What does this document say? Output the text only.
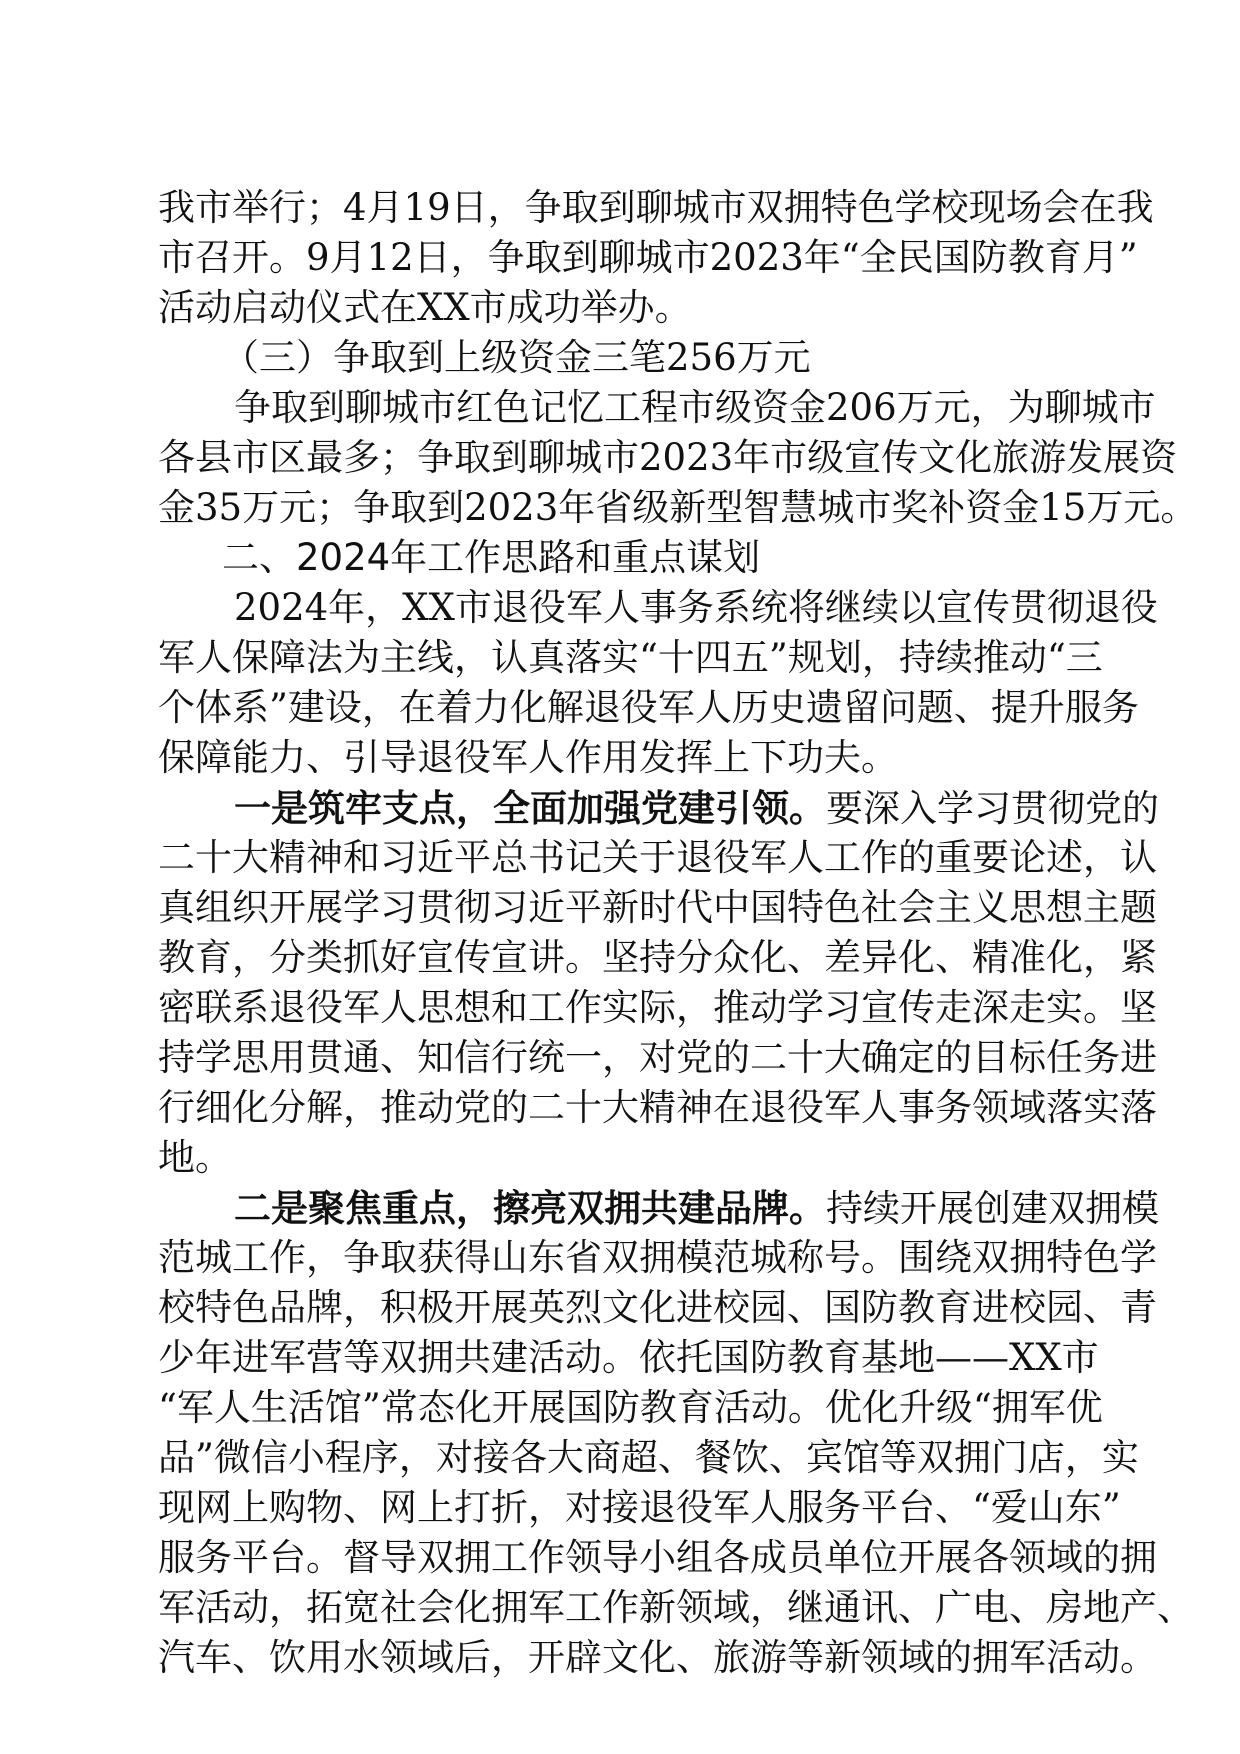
我市举行；4月19日，争取到聊城市双拥特色学校现场会在我
市召开。9月12日，争取到聊城市2023年“全民国防教育月”
活动启动仪式在XX市成功举办。
（三）争取到上级资金三笔256万元
争取到聊城市红色记忆工程市级资金206万元，为聊城市
各县市区最多；争取到聊城市2023年市级宣传文化旅游发展资
金35万元；争取到2023年省级新型智慧城市奖补资金15万元。
二、2024年工作思路和重点谋划
2024年，XX市退役军人事务系统将继续以宣传贯彻退役
军人保障法为主线，认真落实“十四五”规划，持续推动“三
个体系”建设，在着力化解退役军人历史遗留问题、提升服务
保障能力、引导退役军人作用发挥上下功夫。
一是筑牢支点，全面加强党建引领。要深入学习贯彻党的
二十大精神和习近平总书记关于退役军人工作的重要论述，认
真组织开展学习贯彻习近平新时代中国特色社会主义思想主题
教育，分类抓好宣传宣讲。坚持分众化、差异化、精准化，紧
密联系退役军人思想和工作实际，推动学习宣传走深走实。坚
持学思用贯通、知信行统一，对党的二十大确定的目标任务进
行细化分解，推动党的二十大精神在退役军人事务领域落实落
地。
二是聚焦重点，擦亮双拥共建品牌。持续开展创建双拥模
范城工作，争取获得山东省双拥模范城称号。围绕双拥特色学
校特色品牌，积极开展英烈文化进校园、国防教育进校园、青
少年进军营等双拥共建活动。依托国防教育基地——XX市
“军人生活馆”常态化开展国防教育活动。优化升级“拥军优
品”微信小程序，对接各大商超、餐饮、宾馆等双拥门店，实
现网上购物、网上打折，对接退役军人服务平台、“爱山东”
服务平台。督导双拥工作领导小组各成员单位开展各领域的拥
军活动，拓宽社会化拥军工作新领域，继通讯、广电、房地产、
汽车、饮用水领域后，开辟文化、旅游等新领域的拥军活动。
